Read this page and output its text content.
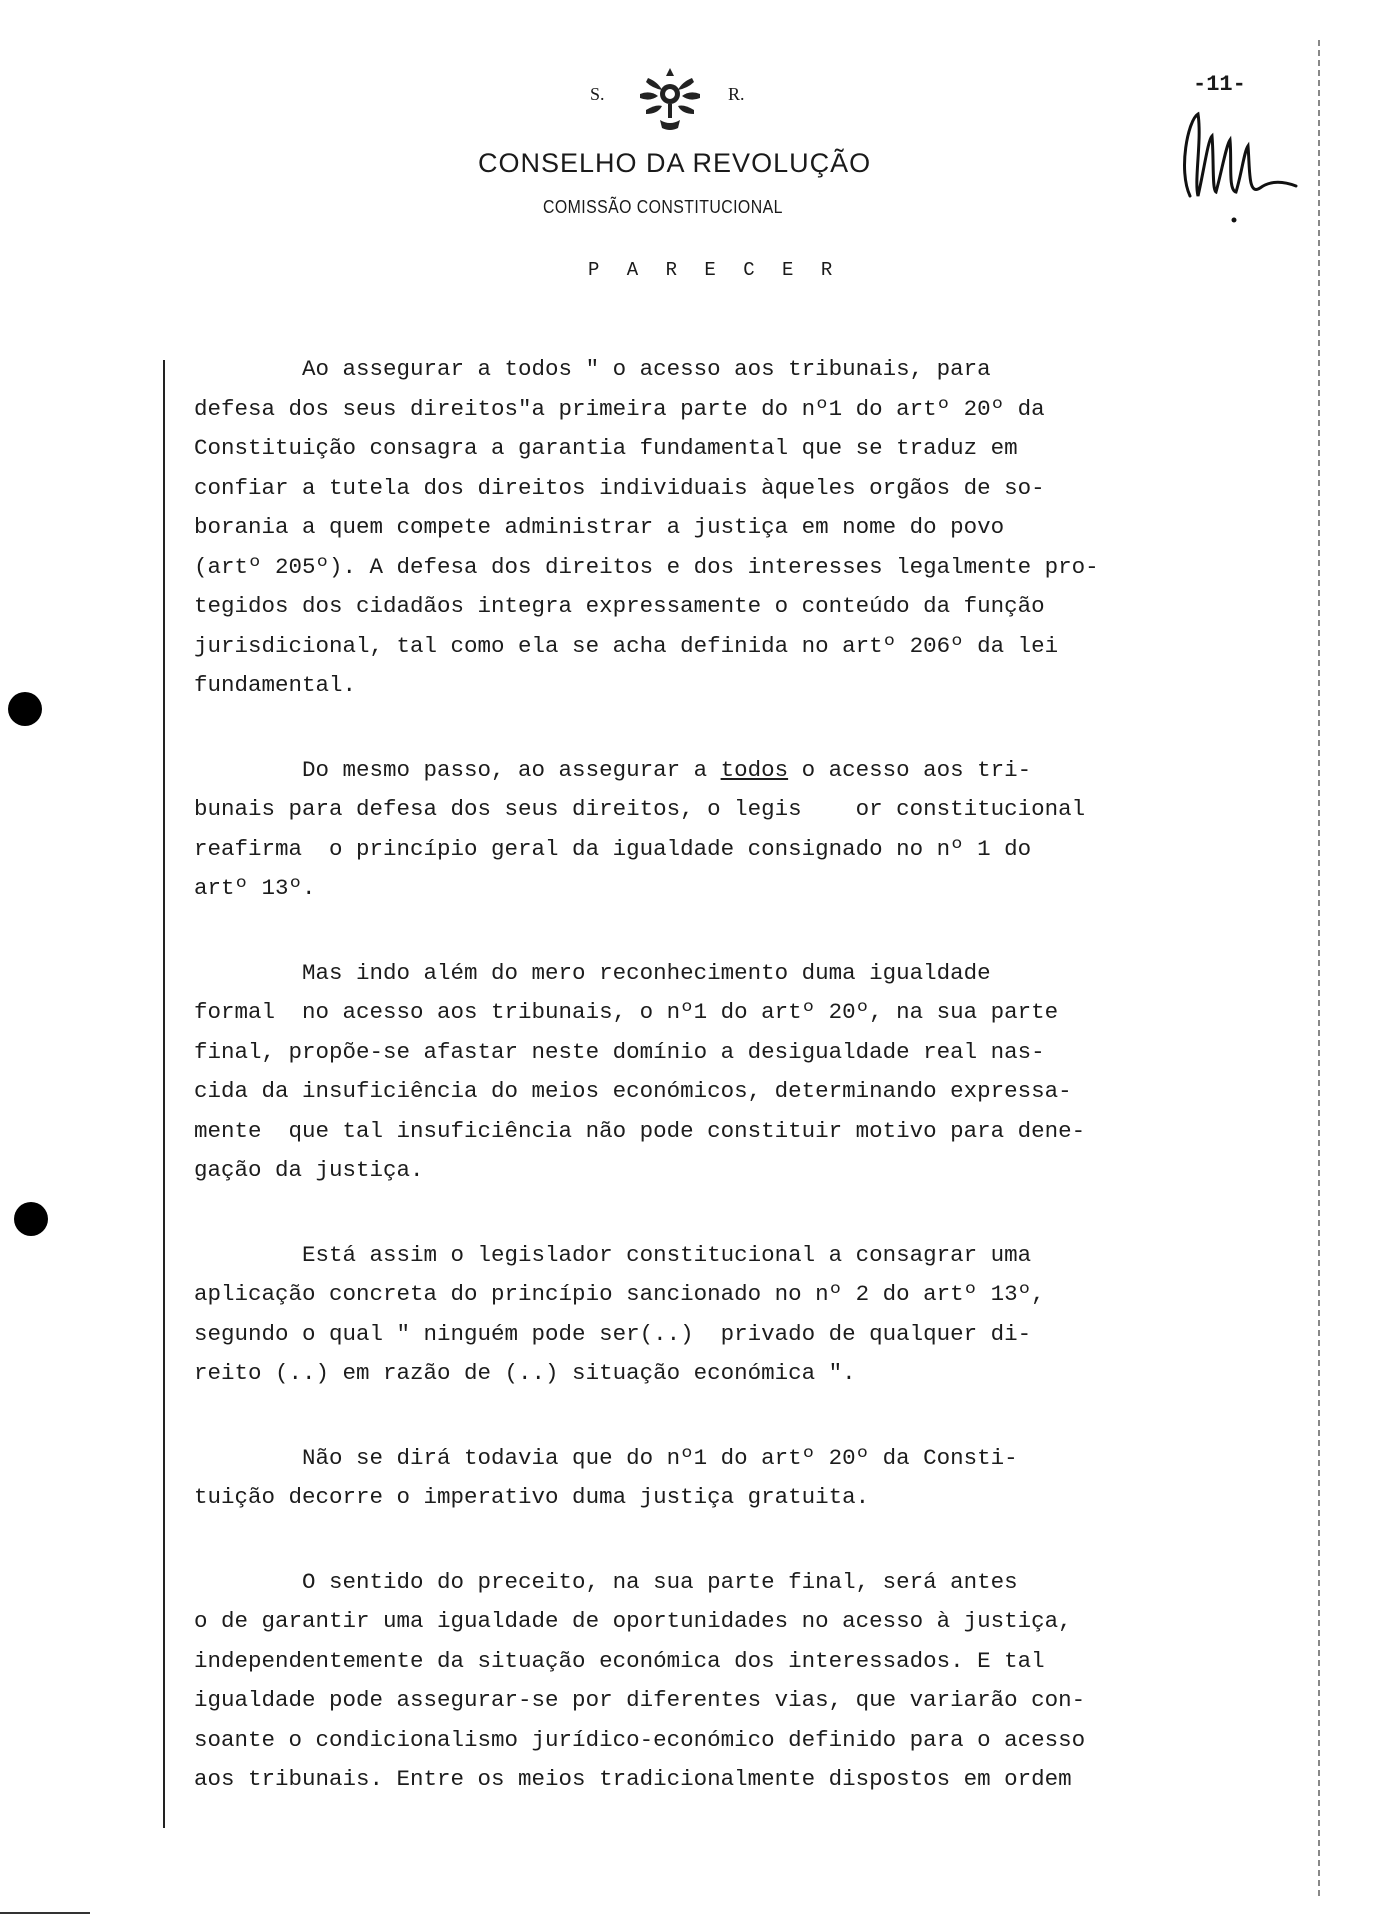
S.	R.
CONSELHO DA REVOLUÇÃO
COMISSÃO CONSTITUCIONAL
P A R E C E R
-11-
Ao assegurar a todos " o acesso aos tribunais, para
defesa dos seus direitos"a primeira parte do nº1 do artº 20º da
Constituição consagra a garantia fundamental que se traduz em
confiar a tutela dos direitos individuais àqueles orgãos de so-
borania a quem compete administrar a justiça em nome do povo
(artº 205º). A defesa dos direitos e dos interesses legalmente pro-
tegidos dos cidadãos integra expressamente o conteúdo da função
jurisdicional, tal como ela se acha definida no artº 206º da lei
fundamental.
Do mesmo passo, ao assegurar a todos o acesso aos tri-
bunais para defesa dos seus direitos, o legis    or constitucional
reafirma  o princípio geral da igualdade consignado no nº 1 do
artº 13º.
Mas indo além do mero reconhecimento duma igualdade
formal  no acesso aos tribunais, o nº1 do artº 20º, na sua parte
final, propõe-se afastar neste domínio a desigualdade real nas-
cida da insuficiência do meios económicos, determinando expressa-
mente  que tal insuficiência não pode constituir motivo para dene-
gação da justiça.
Está assim o legislador constitucional a consagrar uma
aplicação concreta do princípio sancionado no nº 2 do artº 13º,
segundo o qual " ninguém pode ser(..)  privado de qualquer di-
reito (..) em razão de (..) situação económica ".
Não se dirá todavia que do nº1 do artº 20º da Consti-
tuição decorre o imperativo duma justiça gratuita.
O sentido do preceito, na sua parte final, será antes
o de garantir uma igualdade de oportunidades no acesso à justiça,
independentemente da situação económica dos interessados. E tal
igualdade pode assegurar-se por diferentes vias, que variarão con-
soante o condicionalismo jurídico-económico definido para o acesso
aos tribunais. Entre os meios tradicionalmente dispostos em ordem
